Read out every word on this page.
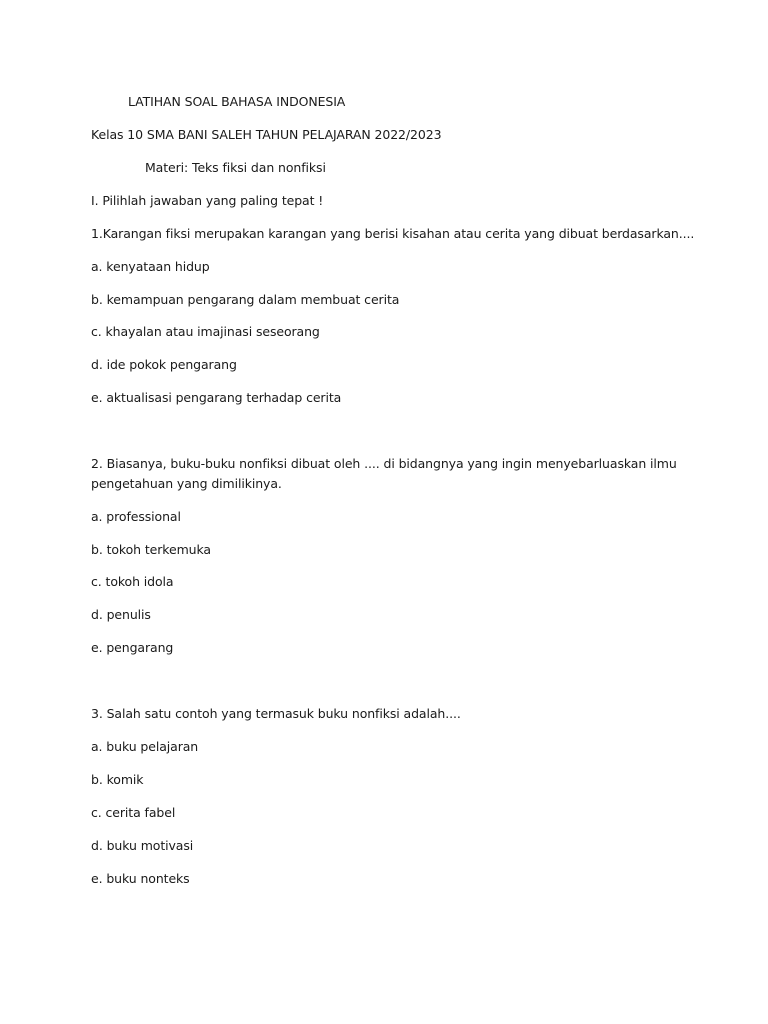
LATIHAN SOAL BAHASA INDONESIA
Kelas 10 SMA BANI SALEH TAHUN PELAJARAN 2022/2023
Materi: Teks fiksi dan nonfiksi
I. Pilihlah jawaban yang paling tepat !
1.Karangan fiksi merupakan karangan yang berisi kisahan atau cerita yang dibuat berdasarkan....
a. kenyataan hidup
b. kemampuan pengarang dalam membuat cerita
c. khayalan atau imajinasi seseorang
d. ide pokok pengarang
e. aktualisasi pengarang terhadap cerita
2. Biasanya, buku-buku nonfiksi dibuat oleh .... di bidangnya yang ingin menyebarluaskan ilmu
pengetahuan yang dimilikinya.
a. professional
b. tokoh terkemuka
c. tokoh idola
d. penulis
e. pengarang
3. Salah satu contoh yang termasuk buku nonfiksi adalah....
a. buku pelajaran
b. komik
c. cerita fabel
d. buku motivasi
e. buku nonteks
